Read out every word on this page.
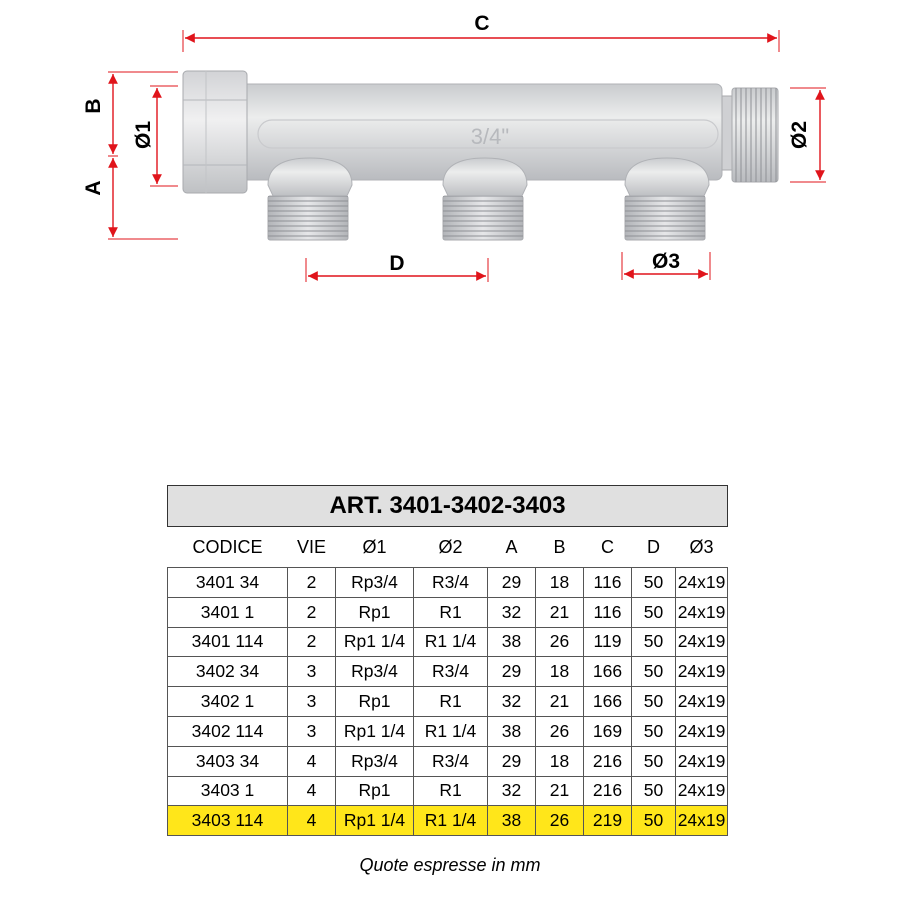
3/4"
C
B
A
Ø1	Ø2
D	Ø3
ART. 3401-3402-3403								
CODICE	VIE	Ø1	Ø2	A	B	C	D	Ø3
3401 34	2	Rp3/4	R3/4	29	18	116	50	24x19
3401 1	2	Rp1	R1	32	21	116	50	24x19
3401 114	2	Rp1 1/4	R1 1/4	38	26	119	50	24x19
3402 34	3	Rp3/4	R3/4	29	18	166	50	24x19
3402 1	3	Rp1	R1	32	21	166	50	24x19
3402 114	3	Rp1 1/4	R1 1/4	38	26	169	50	24x19
3403 34	4	Rp3/4	R3/4	29	18	216	50	24x19
3403 1	4	Rp1	R1	32	21	216	50	24x19
3403 114	4	Rp1 1/4	R1 1/4	38	26	219	50	24x19
Quote espresse in mm
